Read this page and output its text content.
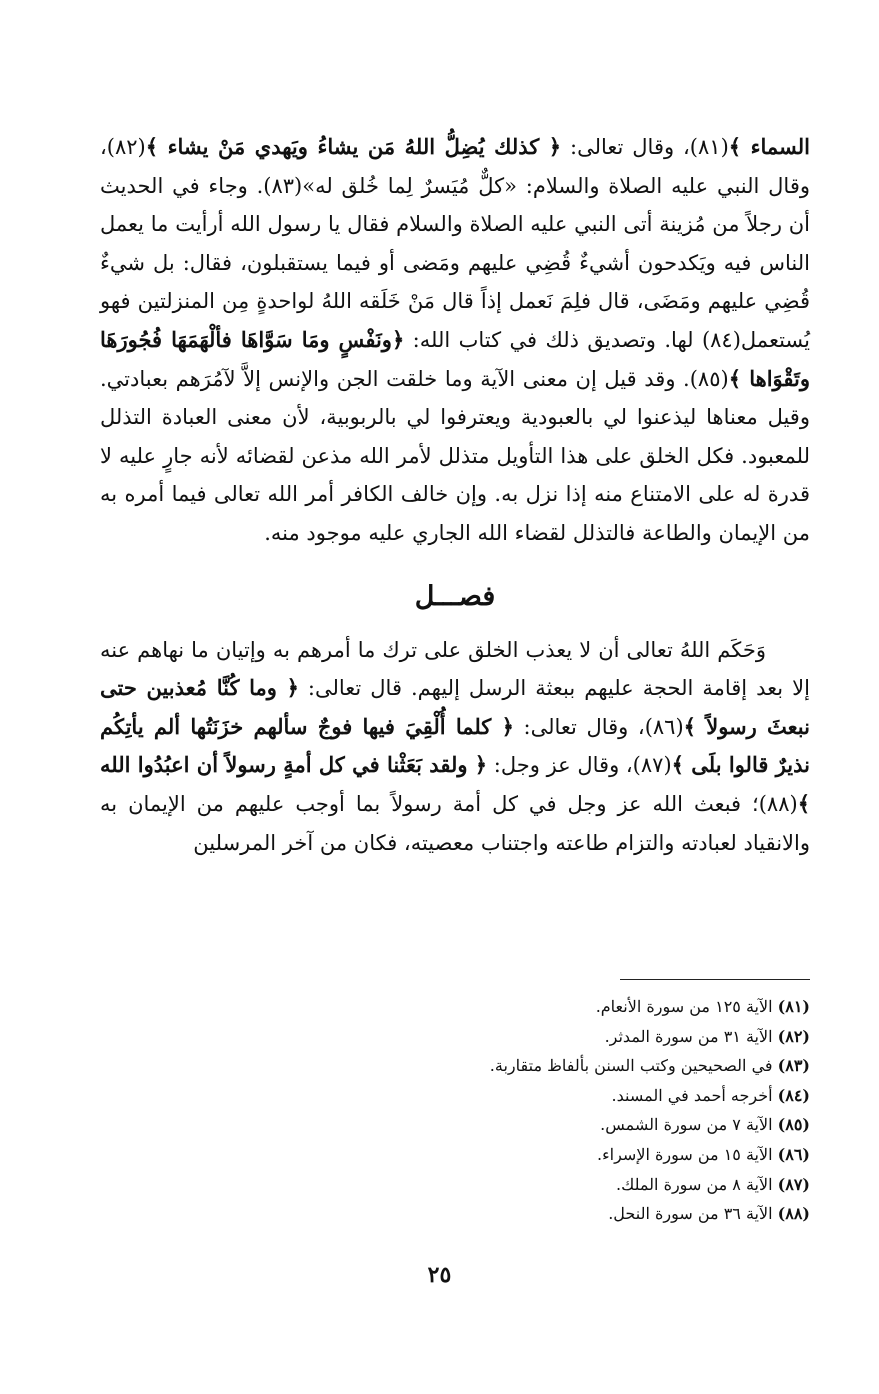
السماء ﴾(٨١)، وقال تعالى: ﴿ كذلك يُضِلُّ اللهُ مَن يشاءُ ويَهدي مَنْ يشاء ﴾(٨٢)، وقال النبي عليه الصلاة والسلام: «كلٌّ مُيَسرٌ لِما خُلق له»(٨٣). وجاء في الحديث أن رجلاً من مُزينة أتى النبي عليه الصلاة والسلام فقال يا رسول الله أرأيت ما يعمل الناس فيه ويَكدحون أشيءٌ قُضِي عليهم ومَضى أو فيما يستقبلون، فقال: بل شيءٌ قُضِي عليهم ومَضَى، قال فلِمَ نَعمل إذاً قال مَنْ خَلَقه اللهُ لواحدةٍ مِن المنزلتين فهو يُستعمل(٨٤) لها. وتصديق ذلك في كتاب الله: ﴿ونَفْسٍ ومَا سَوَّاهَا فألْهَمَهَا فُجُورَهَا وتَقْوَاها ﴾(٨٥). وقد قيل إن معنى الآية وما خلقت الجن والإنس إلاَّ لآمُرَهم بعبادتي. وقيل معناها ليذعنوا لي بالعبودية ويعترفوا لي بالربوبية، لأن معنى العبادة التذلل للمعبود. فكل الخلق على هذا التأويل متذلل لأمر الله مذعن لقضائه لأنه جارٍ عليه لا قدرة له على الامتناع منه إذا نزل به. وإن خالف الكافر أمر الله تعالى فيما أمره به من الإيمان والطاعة فالتذلل لقضاء الله الجاري عليه موجود منه.

فصـــل

وَحَكَم اللهُ تعالى أن لا يعذب الخلق على ترك ما أمرهم به وإتيان ما نهاهم عنه إلا بعد إقامة الحجة عليهم ببعثة الرسل إليهم. قال تعالى: ﴿ وما كُنَّا مُعذبين حتى نبعثَ رسولاً ﴾(٨٦)، وقال تعالى: ﴿ كلما أُلْقِيَ فيها فوجٌ سألهم خزَنَتُها ألم يأتِكُم نذيرٌ قالوا بلَى ﴾(٨٧)، وقال عز وجل: ﴿ ولقد بَعَثْنا في كل أمةٍ رسولاً أن اعبُدُوا الله ﴾(٨٨)؛ فبعث الله عز وجل في كل أمة رسولاً بما أوجب عليهم من الإيمان به والانقياد لعبادته والتزام طاعته واجتناب معصيته، فكان من آخر المرسلين

(٨١) الآية ١٢٥ من سورة الأنعام.
(٨٢) الآية ٣١ من سورة المدثر.
(٨٣) في الصحيحين وكتب السنن بألفاظ متقاربة.
(٨٤) أخرجه أحمد في المسند.
(٨٥) الآية ٧ من سورة الشمس.
(٨٦) الآية ١٥ من سورة الإسراء.
(٨٧) الآية ٨ من سورة الملك.
(٨٨) الآية ٣٦ من سورة النحل.
٢٥
